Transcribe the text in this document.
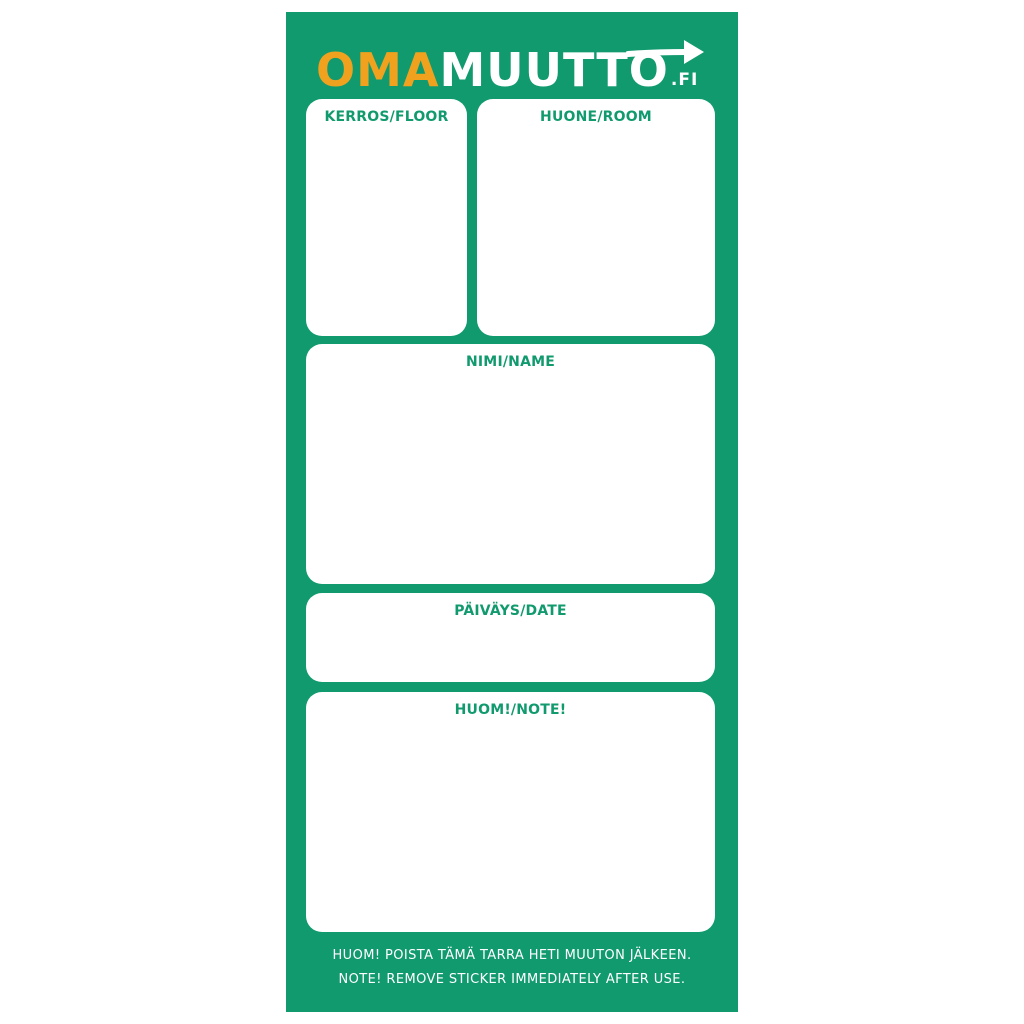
OMA MUUTTO .FI
KERROS/FLOOR	HUONE/ROOM
NIMI/NAME
PÄIVÄYS/DATE
HUOM!/NOTE!
HUOM! POISTA TÄMÄ TARRA HETI MUUTON JÄLKEEN.
NOTE! REMOVE STICKER IMMEDIATELY AFTER USE.
